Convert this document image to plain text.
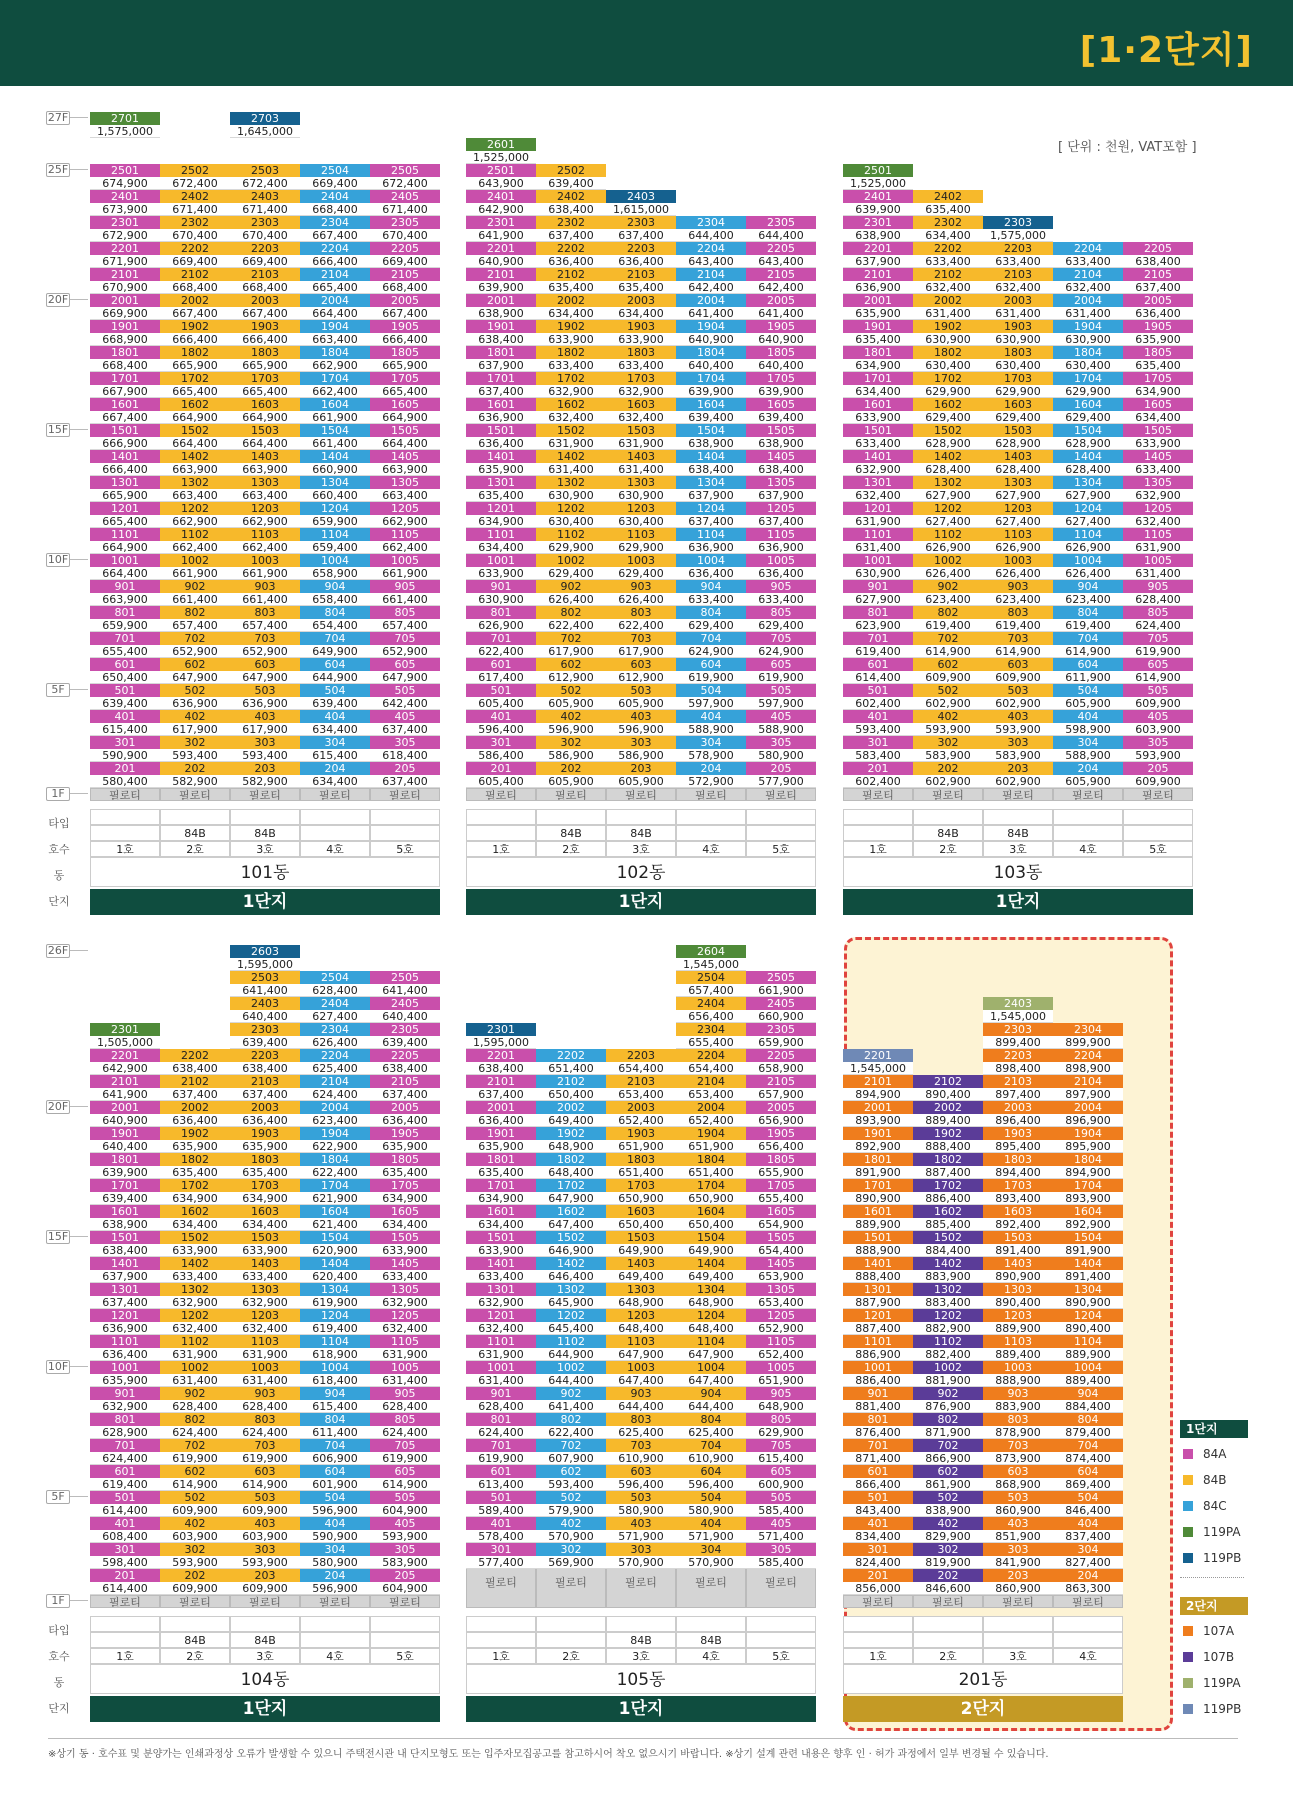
[1·2단지]
[ 단위 : 천원, VAT포함 ]
1F
5F
10F
15F
20F
25F
27F
1F
5F
10F
15F
20F
26F
타입
호수
동
단지
타입
호수
동
단지
필로티
201
580,400
301
590,900
401
615,400
501
639,400
601
650,400
701
655,400
801
659,900
901
663,900
1001
664,400
1101
664,900
1201
665,400
1301
665,900
1401
666,400
1501
666,900
1601
667,400
1701
667,900
1801
668,400
1901
668,900
2001
669,900
2101
670,900
2201
671,900
2301
672,900
2401
673,900
2501
674,900
2701
1,575,000
119PA
84A
1호
필로티
202
582,900
302
593,400
402
617,900
502
636,900
602
647,900
702
652,900
802
657,400
902
661,400
1002
661,900
1102
662,400
1202
662,900
1302
663,400
1402
663,900
1502
664,400
1602
664,900
1702
665,400
1802
665,900
1902
666,400
2002
667,400
2102
668,400
2202
669,400
2302
670,400
2402
671,400
2502
672,400
84B
2호
필로티
203
582,900
303
593,400
403
617,900
503
636,900
603
647,900
703
652,900
803
657,400
903
661,400
1003
661,900
1103
662,400
1203
662,900
1303
663,400
1403
663,900
1503
664,400
1603
664,900
1703
665,400
1803
665,900
1903
666,400
2003
667,400
2103
668,400
2203
669,400
2303
670,400
2403
671,400
2503
672,400
2703
1,645,000
119PB
84B
3호
필로티
204
634,400
304
615,400
404
634,400
504
639,400
604
644,900
704
649,900
804
654,400
904
658,400
1004
658,900
1104
659,400
1204
659,900
1304
660,400
1404
660,900
1504
661,400
1604
661,900
1704
662,400
1804
662,900
1904
663,400
2004
664,400
2104
665,400
2204
666,400
2304
667,400
2404
668,400
2504
669,400
84C
4호
필로티
205
637,400
305
618,400
405
637,400
505
642,400
605
647,900
705
652,900
805
657,400
905
661,400
1005
661,900
1105
662,400
1205
662,900
1305
663,400
1405
663,900
1505
664,400
1605
664,900
1705
665,400
1805
665,900
1905
666,400
2005
667,400
2105
668,400
2205
669,400
2305
670,400
2405
671,400
2505
672,400
84A
5호
101동
1단지
필로티
201
605,400
301
586,400
401
596,400
501
605,400
601
617,400
701
622,400
801
626,900
901
630,900
1001
633,900
1101
634,400
1201
634,900
1301
635,400
1401
635,900
1501
636,400
1601
636,900
1701
637,400
1801
637,900
1901
638,400
2001
638,900
2101
639,900
2201
640,900
2301
641,900
2401
642,900
2501
643,900
2601
1,525,000
119PA
84A
1호
필로티
202
605,900
302
586,900
402
596,900
502
605,900
602
612,900
702
617,900
802
622,400
902
626,400
1002
629,400
1102
629,900
1202
630,400
1302
630,900
1402
631,400
1502
631,900
1602
632,400
1702
632,900
1802
633,400
1902
633,900
2002
634,400
2102
635,400
2202
636,400
2302
637,400
2402
638,400
2502
639,400
84B
2호
필로티
203
605,900
303
586,900
403
596,900
503
605,900
603
612,900
703
617,900
803
622,400
903
626,400
1003
629,400
1103
629,900
1203
630,400
1303
630,900
1403
631,400
1503
631,900
1603
632,400
1703
632,900
1803
633,400
1903
633,900
2003
634,400
2103
635,400
2203
636,400
2303
637,400
2403
1,615,000
119PB
84B
3호
필로티
204
572,900
304
578,900
404
588,900
504
597,900
604
619,900
704
624,900
804
629,400
904
633,400
1004
636,400
1104
636,900
1204
637,400
1304
637,900
1404
638,400
1504
638,900
1604
639,400
1704
639,900
1804
640,400
1904
640,900
2004
641,400
2104
642,400
2204
643,400
2304
644,400
84C
4호
필로티
205
577,900
305
580,900
405
588,900
505
597,900
605
619,900
705
624,900
805
629,400
905
633,400
1005
636,400
1105
636,900
1205
637,400
1305
637,900
1405
638,400
1505
638,900
1605
639,400
1705
639,900
1805
640,400
1905
640,900
2005
641,400
2105
642,400
2205
643,400
2305
644,400
84A
5호
102동
1단지
필로티
201
602,400
301
583,400
401
593,400
501
602,400
601
614,400
701
619,400
801
623,900
901
627,900
1001
630,900
1101
631,400
1201
631,900
1301
632,400
1401
632,900
1501
633,400
1601
633,900
1701
634,400
1801
634,900
1901
635,400
2001
635,900
2101
636,900
2201
637,900
2301
638,900
2401
639,900
2501
1,525,000
119PA
84A
1호
필로티
202
602,900
302
583,900
402
593,900
502
602,900
602
609,900
702
614,900
802
619,400
902
623,400
1002
626,400
1102
626,900
1202
627,400
1302
627,900
1402
628,400
1502
628,900
1602
629,400
1702
629,900
1802
630,400
1902
630,900
2002
631,400
2102
632,400
2202
633,400
2302
634,400
2402
635,400
84B
2호
필로티
203
602,900
303
583,900
403
593,900
503
602,900
603
609,900
703
614,900
803
619,400
903
623,400
1003
626,400
1103
626,900
1203
627,400
1303
627,900
1403
628,400
1503
628,900
1603
629,400
1703
629,900
1803
630,400
1903
630,900
2003
631,400
2103
632,400
2203
633,400
2303
1,575,000
119PB
84B
3호
필로티
204
605,900
304
588,900
404
598,900
504
605,900
604
611,900
704
614,900
804
619,400
904
623,400
1004
626,400
1104
626,900
1204
627,400
1304
627,900
1404
628,400
1504
628,900
1604
629,400
1704
629,900
1804
630,400
1904
630,900
2004
631,400
2104
632,400
2204
633,400
84C
4호
필로티
205
609,900
305
593,900
405
603,900
505
609,900
605
614,900
705
619,900
805
624,400
905
628,400
1005
631,400
1105
631,900
1205
632,400
1305
632,900
1405
633,400
1505
633,900
1605
634,400
1705
634,900
1805
635,400
1905
635,900
2005
636,400
2105
637,400
2205
638,400
84A
5호
103동
1단지
필로티
201
614,400
301
598,400
401
608,400
501
614,400
601
619,400
701
624,400
801
628,900
901
632,900
1001
635,900
1101
636,400
1201
636,900
1301
637,400
1401
637,900
1501
638,400
1601
638,900
1701
639,400
1801
639,900
1901
640,400
2001
640,900
2101
641,900
2201
642,900
2301
1,505,000
119PA
84A
1호
필로티
202
609,900
302
593,900
402
603,900
502
609,900
602
614,900
702
619,900
802
624,400
902
628,400
1002
631,400
1102
631,900
1202
632,400
1302
632,900
1402
633,400
1502
633,900
1602
634,400
1702
634,900
1802
635,400
1902
635,900
2002
636,400
2102
637,400
2202
638,400
84B
2호
필로티
203
609,900
303
593,900
403
603,900
503
609,900
603
614,900
703
619,900
803
624,400
903
628,400
1003
631,400
1103
631,900
1203
632,400
1303
632,900
1403
633,400
1503
633,900
1603
634,400
1703
634,900
1803
635,400
1903
635,900
2003
636,400
2103
637,400
2203
638,400
2303
639,400
2403
640,400
2503
641,400
2603
1,595,000
119PB
84B
3호
필로티
204
596,900
304
580,900
404
590,900
504
596,900
604
601,900
704
606,900
804
611,400
904
615,400
1004
618,400
1104
618,900
1204
619,400
1304
619,900
1404
620,400
1504
620,900
1604
621,400
1704
621,900
1804
622,400
1904
622,900
2004
623,400
2104
624,400
2204
625,400
2304
626,400
2404
627,400
2504
628,400
84C
4호
필로티
205
604,900
305
583,900
405
593,900
505
604,900
605
614,900
705
619,900
805
624,400
905
628,400
1005
631,400
1105
631,900
1205
632,400
1305
632,900
1405
633,400
1505
633,900
1605
634,400
1705
634,900
1805
635,400
1905
635,900
2005
636,400
2105
637,400
2205
638,400
2305
639,400
2405
640,400
2505
641,400
84A
5호
104동
1단지
필로티
301
577,400
401
578,400
501
589,400
601
613,400
701
619,900
801
624,400
901
628,400
1001
631,400
1101
631,900
1201
632,400
1301
632,900
1401
633,400
1501
633,900
1601
634,400
1701
634,900
1801
635,400
1901
635,900
2001
636,400
2101
637,400
2201
638,400
2301
1,595,000
119PB
84A
1호
필로티
302
569,900
402
570,900
502
579,900
602
593,400
702
607,900
802
622,400
902
641,400
1002
644,400
1102
644,900
1202
645,400
1302
645,900
1402
646,400
1502
646,900
1602
647,400
1702
647,900
1802
648,400
1902
648,900
2002
649,400
2102
650,400
2202
651,400
84C
2호
필로티
303
570,900
403
571,900
503
580,900
603
596,400
703
610,900
803
625,400
903
644,400
1003
647,400
1103
647,900
1203
648,400
1303
648,900
1403
649,400
1503
649,900
1603
650,400
1703
650,900
1803
651,400
1903
651,900
2003
652,400
2103
653,400
2203
654,400
84B
3호
필로티
304
570,900
404
571,900
504
580,900
604
596,400
704
610,900
804
625,400
904
644,400
1004
647,400
1104
647,900
1204
648,400
1304
648,900
1404
649,400
1504
649,900
1604
650,400
1704
650,900
1804
651,400
1904
651,900
2004
652,400
2104
653,400
2204
654,400
2304
655,400
2404
656,400
2504
657,400
2604
1,545,000
119PA
84B
4호
필로티
305
585,400
405
571,400
505
585,400
605
600,900
705
615,400
805
629,900
905
648,900
1005
651,900
1105
652,400
1205
652,900
1305
653,400
1405
653,900
1505
654,400
1605
654,900
1705
655,400
1805
655,900
1905
656,400
2005
656,900
2105
657,900
2205
658,900
2305
659,900
2405
660,900
2505
661,900
84A
5호
105동
1단지
필로티
201
856,000
301
824,400
401
834,400
501
843,400
601
866,400
701
871,400
801
876,400
901
881,400
1001
886,400
1101
886,900
1201
887,400
1301
887,900
1401
888,400
1501
888,900
1601
889,900
1701
890,900
1801
891,900
1901
892,900
2001
893,900
2101
894,900
2201
1,545,000
119PB
107A
1호
필로티
202
846,600
302
819,900
402
829,900
502
838,900
602
861,900
702
866,900
802
871,900
902
876,900
1002
881,900
1102
882,400
1202
882,900
1302
883,400
1402
883,900
1502
884,400
1602
885,400
1702
886,400
1802
887,400
1902
888,400
2002
889,400
2102
890,400
107B
2호
필로티
203
860,900
303
841,900
403
851,900
503
860,900
603
868,900
703
873,900
803
878,900
903
883,900
1003
888,900
1103
889,400
1203
889,900
1303
890,400
1403
890,900
1503
891,400
1603
892,400
1703
893,400
1803
894,400
1903
895,400
2003
896,400
2103
897,400
2203
898,400
2303
899,400
2403
1,545,000
119PA
107A
3호
필로티
204
863,300
304
827,400
404
837,400
504
846,400
604
869,400
704
874,400
804
879,400
904
884,400
1004
889,400
1104
889,900
1204
890,400
1304
890,900
1404
891,400
1504
891,900
1604
892,900
1704
893,900
1804
894,900
1904
895,900
2004
896,900
2104
897,900
2204
898,900
2304
899,900
107A
4호
201동
2단지
1단지
84A
84B
84C
119PA
119PB
2단지
107A
107B
119PA
119PB
※상기 동 · 호수표 및 분양가는 인쇄과정상 오류가 발생할 수 있으니 주택전시관 내 단지모형도 또는 입주자모집공고를 참고하시어 착오 없으시기 바랍니다. ※상기 설계 관련 내용은 향후 인 · 허가 과정에서 일부 변경될 수 있습니다.
